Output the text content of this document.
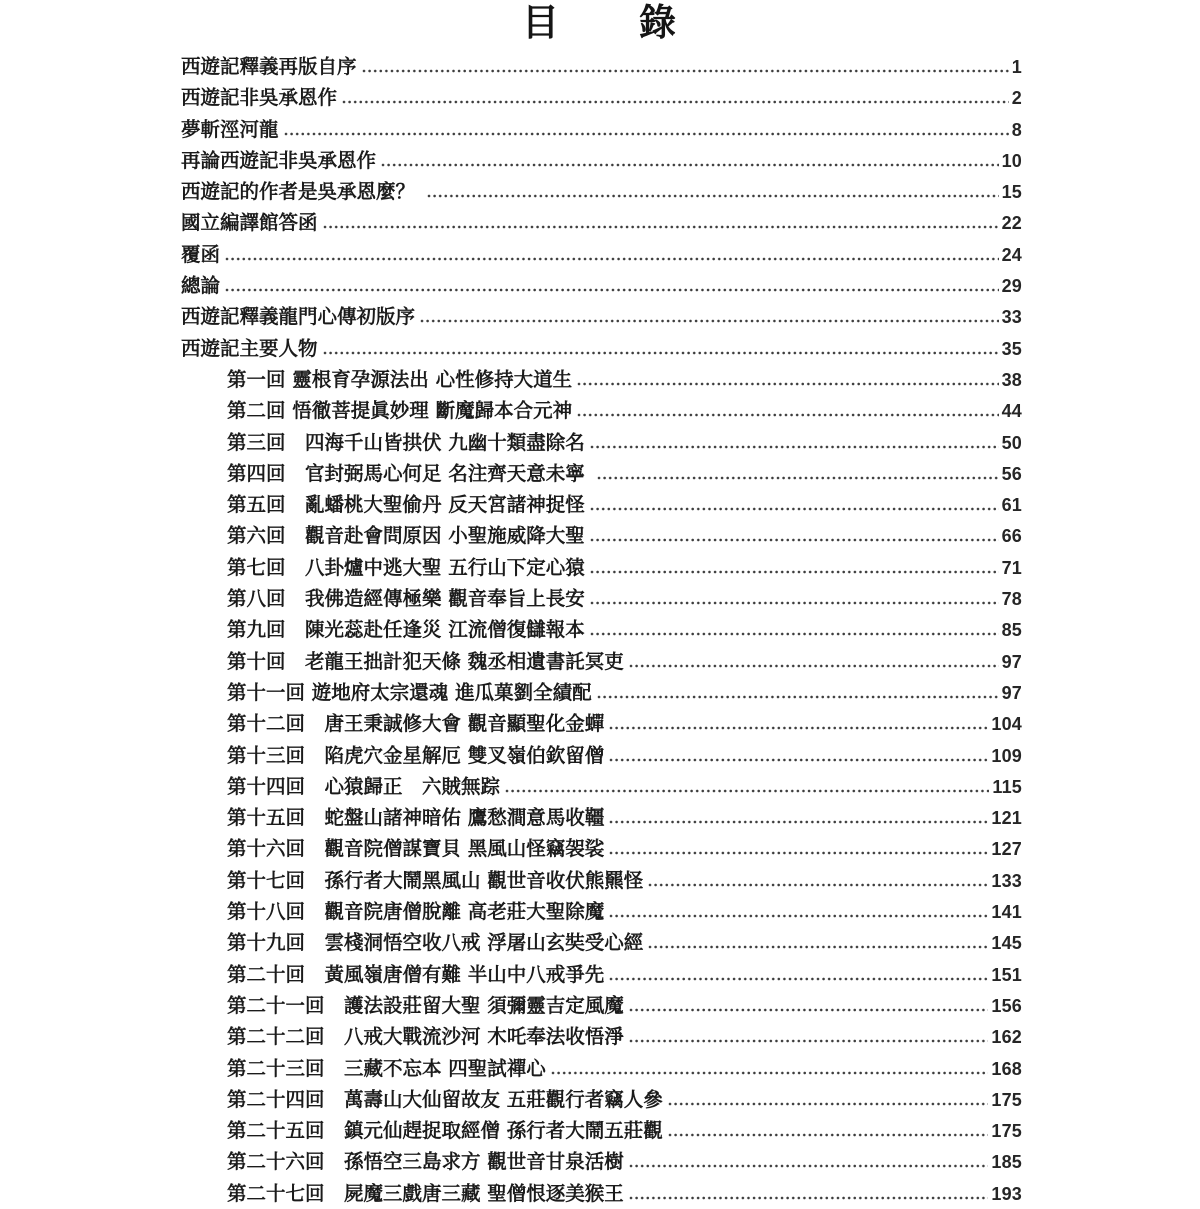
目　　錄
西遊記釋義再版自序	1
西遊記非吳承恩作	2
夢斬涇河龍	8
再論西遊記非吳承恩作	10
西遊記的作者是吳承恩麼？	15
國立編譯館答函	22
覆函	24
總論	29
西遊記釋義龍門心傳初版序	33
西遊記主要人物	35
第一回 靈根育孕源法出 心性修持大道生	38
第二回 悟徹菩提眞妙理 斷魔歸本合元神	44
第三回　四海千山皆拱伏 九幽十類盡除名	50
第四回　官封弼馬心何足 名注齊天意未寧	56
第五回　亂蟠桃大聖偷丹 反天宮諸神捉怪	61
第六回　觀音赴會問原因 小聖施威降大聖	66
第七回　八卦爐中逃大聖 五行山下定心猿	71
第八回　我佛造經傳極樂 觀音奉旨上長安	78
第九回　陳光蕊赴任逢災 江流僧復讎報本	85
第十回　老龍王拙計犯天條 魏丞相遺書託冥吏	97
第十一回 遊地府太宗還魂 進瓜菓劉全績配	97
第十二回　唐王秉誠修大會 觀音顯聖化金蟬	104
第十三回　陷虎穴金星解厄 雙叉嶺伯欽留僧	109
第十四回　心猿歸正　六賊無踪	115
第十五回　蛇盤山諸神暗佑 鷹愁澗意馬收韁	121
第十六回　觀音院僧謀寶貝 黑風山怪竊袈裟	127
第十七回　孫行者大鬧黑風山 觀世音收伏熊羆怪	133
第十八回　觀音院唐僧脫離 高老莊大聖除魔	141
第十九回　雲棧洞悟空收八戒 浮屠山玄奘受心經	145
第二十回　黃風嶺唐僧有難 半山中八戒爭先	151
第二十一回　護法設莊留大聖 須彌靈吉定風魔	156
第二十二回　八戒大戰流沙河 木吒奉法收悟淨	162
第二十三回　三藏不忘本 四聖試禪心	168
第二十四回　萬壽山大仙留故友 五莊觀行者竊人參	175
第二十五回　鎮元仙趕捉取經僧 孫行者大鬧五莊觀	175
第二十六回　孫悟空三島求方 觀世音甘泉活樹	185
第二十七回　屍魔三戲唐三藏 聖僧恨逐美猴王	193
